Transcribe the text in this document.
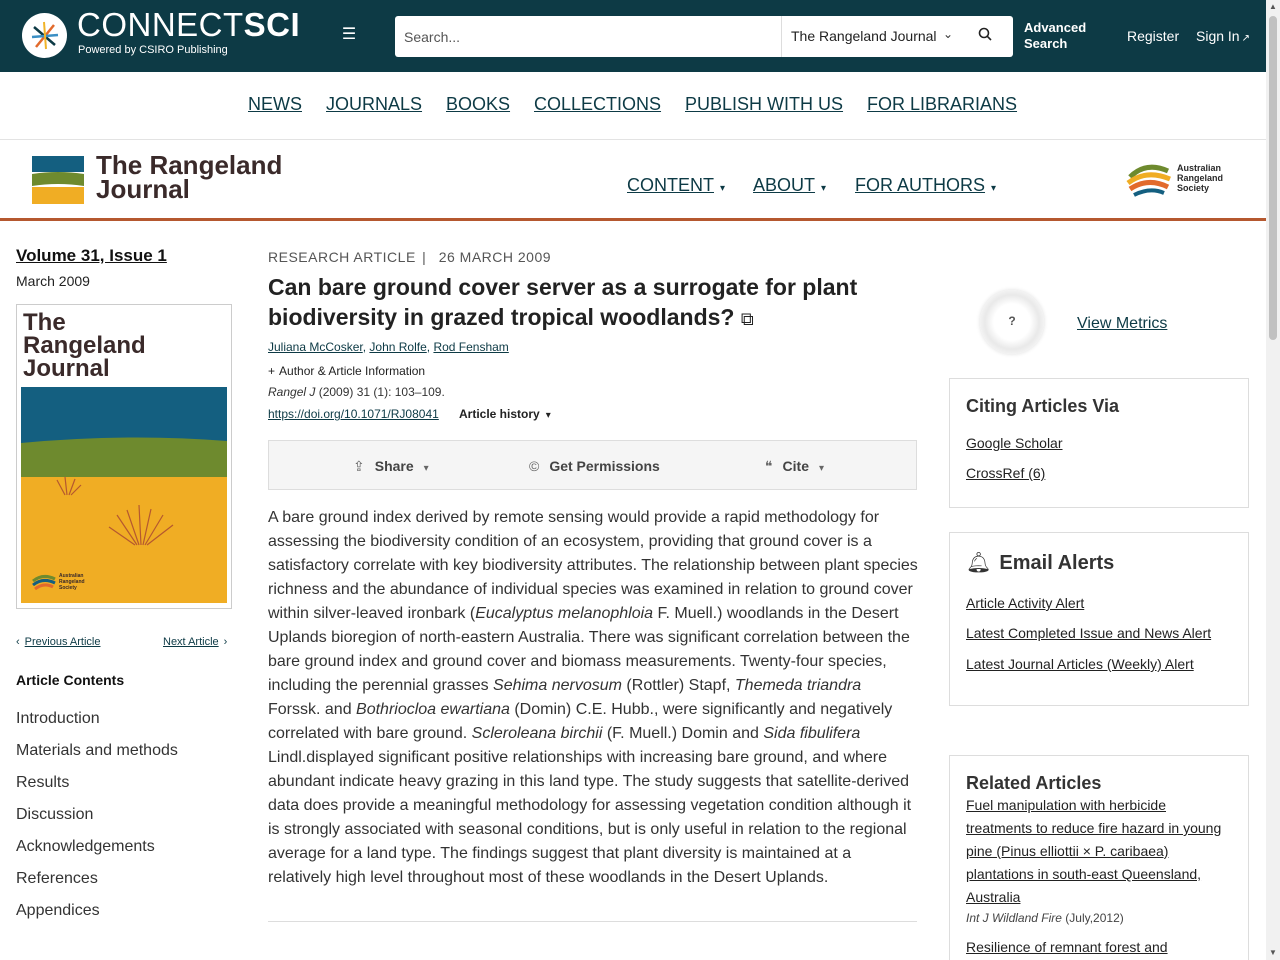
CONNECTSCI
Powered by CSIRO Publishing
☰
Search...	The Rangeland Journal ⌄	Advanced
Search	Register Sign In ↗
▲
▼
NEWS JOURNALS BOOKS COLLECTIONS PUBLISH WITH US FOR LIBRARIANS
The Rangeland
Journal	CONTENT ▾ ABOUT ▾ FOR AUTHORS ▾
Australian
Rangeland
Society
Volume 31, Issue 1
March 2009
The
Rangeland
Journal
Australian
Rangeland
Society
‹ Previous Article	Next Article ›
Article Contents
Introduction
Materials and methods
Results
Discussion
Acknowledgements
References
Appendices
RESEARCH ARTICLE | 26 MARCH 2009
Can bare ground cover server as a surrogate for plant biodiversity in grazed tropical woodlands? ⧉
Juliana McCosker, John Rolfe, Rod Fensham
+ Author & Article Information
Rangel J (2009) 31 (1): 103–109.
https://doi.org/10.1071/RJ08041 Article history ▾
⇪ Share ▾	© Get Permissions	❝ Cite ▾
A bare ground index derived by remote sensing would provide a rapid methodology for assessing the biodiversity condition of an ecosystem, providing that ground cover is a satisfactory correlate with key biodiversity attributes. The relationship between plant species richness and the abundance of individual species was examined in relation to ground cover within silver-leaved ironbark (Eucalyptus melanophloia F. Muell.) woodlands in the Desert Uplands bioregion of north-eastern Australia. There was significant correlation between the bare ground index and ground cover and biomass measurements. Twenty-four species, including the perennial grasses Sehima nervosum (Rottler) Stapf, Themeda triandra Forssk. and Bothriocloa ewartiana (Domin) C.E. Hubb., were significantly and negatively correlated with bare ground. Scleroleana birchii (F. Muell.) Domin and Sida fibulifera Lindl.displayed significant positive relationships with increasing bare ground, and where abundant indicate heavy grazing in this land type. The study suggests that satellite-derived data does provide a meaningful methodology for assessing vegetation condition although it is strongly associated with seasonal conditions, but is only useful in relation to the regional average for a land type. The findings suggest that plant diversity is maintained at a relatively high level throughout most of these woodlands in the Desert Uplands.
?	View Metrics
Citing Articles Via
Google Scholar
CrossRef (6)
🔔︎ Email Alerts
Article Activity Alert
Latest Completed Issue and News Alert
Latest Journal Articles (Weekly) Alert
Related Articles
Fuel manipulation with herbicide treatments to reduce fire hazard in young pine (Pinus elliottii × P. caribaea) plantations in south-east Queensland, Australia
Int J Wildland Fire (July,2012)
Resilience of remnant forest and
